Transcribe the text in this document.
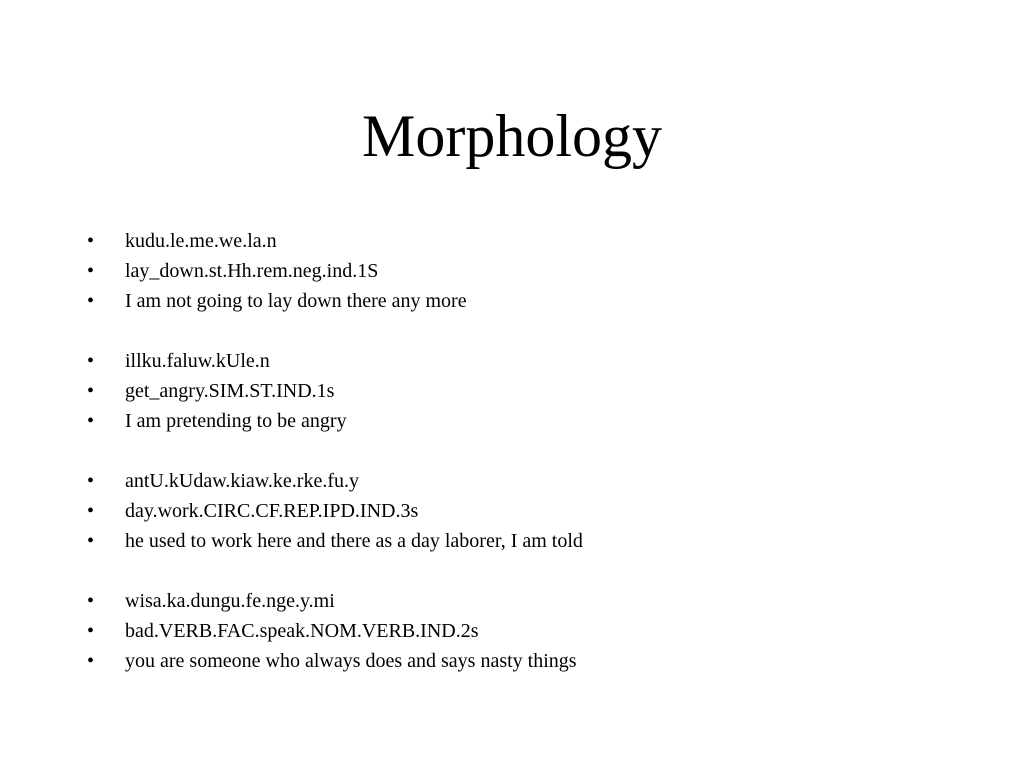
Morphology
•	kudu.le.me.we.la.n
•	lay_down.st.Hh.rem.neg.ind.1S
•	I am not going to lay down there any more
•	illku.faluw.kUle.n
•	get_angry.SIM.ST.IND.1s
•	I am pretending to be angry
•	antU.kUdaw.kiaw.ke.rke.fu.y
•	day.work.CIRC.CF.REP.IPD.IND.3s
•	he used to work here and there as a day laborer, I am told
•	wisa.ka.dungu.fe.nge.y.mi
•	bad.VERB.FAC.speak.NOM.VERB.IND.2s
•	you are someone who always does and says nasty things
